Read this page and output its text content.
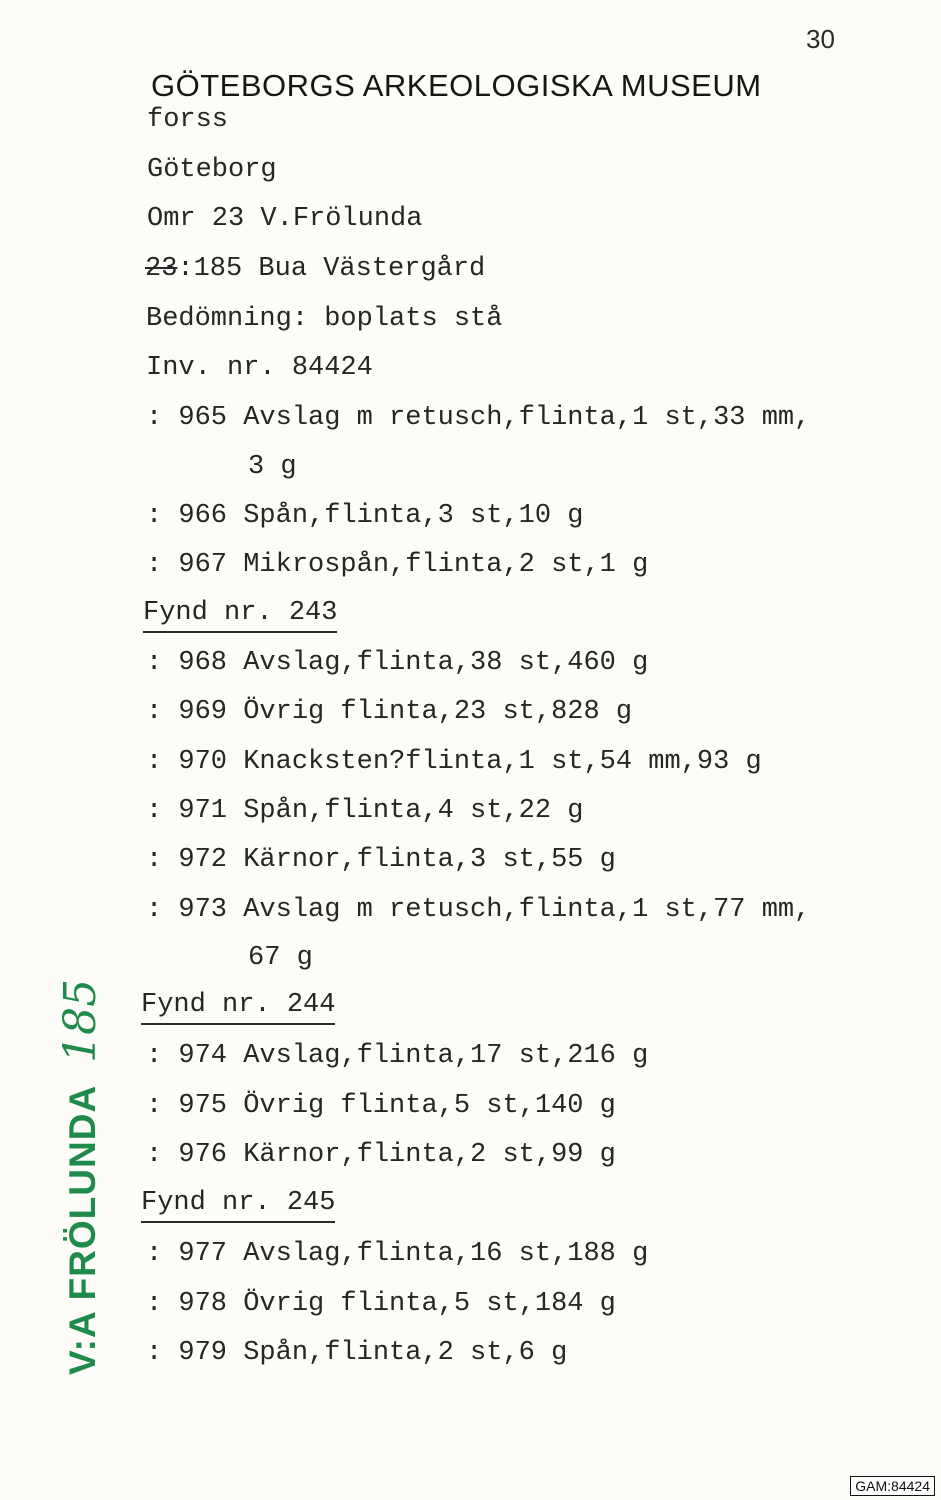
30
GÖTEBORGS ARKEOLOGISKA MUSEUM
forss
Göteborg
Omr 23 V.Frölunda
23:185 Bua Västergård
Bedömning: boplats stå
Inv. nr. 84424
: 965 Avslag m retusch,flinta,1 st,33 mm,
3 g
: 966 Spån,flinta,3 st,10 g
: 967 Mikrospån,flinta,2 st,1 g
Fynd nr. 243
: 968 Avslag,flinta,38 st,460 g
: 969 Övrig flinta,23 st,828 g
: 970 Knacksten?flinta,1 st,54 mm,93 g
: 971 Spån,flinta,4 st,22 g
: 972 Kärnor,flinta,3 st,55 g
: 973 Avslag m retusch,flinta,1 st,77 mm,
67 g
Fynd nr. 244
: 974 Avslag,flinta,17 st,216 g
: 975 Övrig flinta,5 st,140 g
: 976 Kärnor,flinta,2 st,99 g
Fynd nr. 245
: 977 Avslag,flinta,16 st,188 g
: 978 Övrig flinta,5 st,184 g
: 979 Spån,flinta,2 st,6 g
V:A FRÖLUNDA185
GAM:84424
